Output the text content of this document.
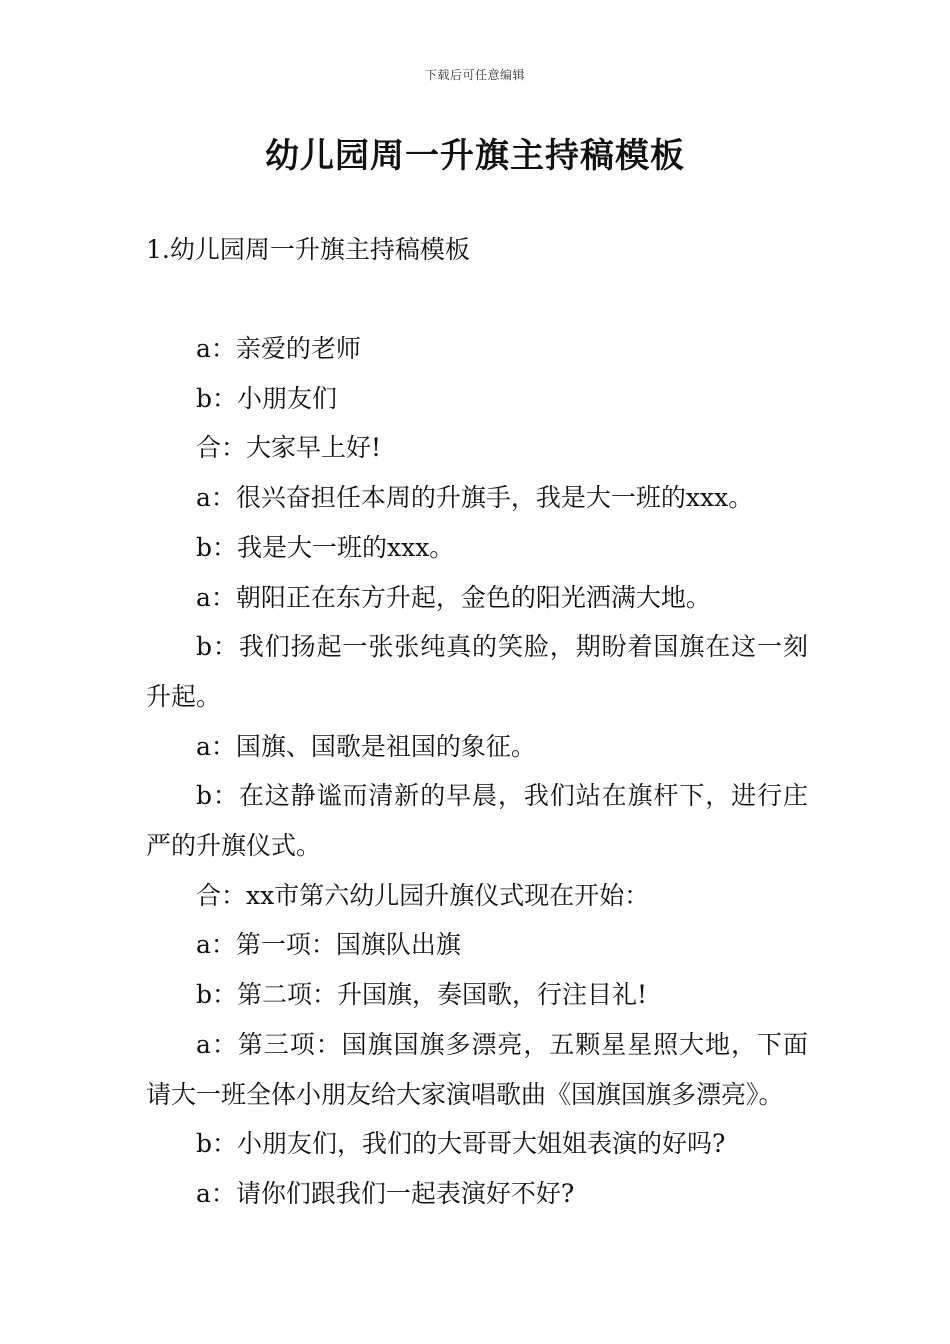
下载后可任意编辑
幼儿园周一升旗主持稿模板
1.幼儿园周一升旗主持稿模板

a：亲爱的老师

b：小朋友们

合：大家早上好!

a：很兴奋担任本周的升旗手，我是大一班的xxx。

b：我是大一班的xxx。

a：朝阳正在东方升起，金色的阳光洒满大地。

b：我们扬起一张张纯真的笑脸，期盼着国旗在这一刻升起。

a：国旗、国歌是祖国的象征。

b：在这静谧而清新的早晨，我们站在旗杆下，进行庄严的升旗仪式。

合：xx市第六幼儿园升旗仪式现在开始：

a：第一项：国旗队出旗

b：第二项：升国旗，奏国歌，行注目礼!

a：第三项：国旗国旗多漂亮，五颗星星照大地，下面请大一班全体小朋友给大家演唱歌曲《国旗国旗多漂亮》。

b：小朋友们，我们的大哥哥大姐姐表演的好吗?

a：请你们跟我们一起表演好不好?
